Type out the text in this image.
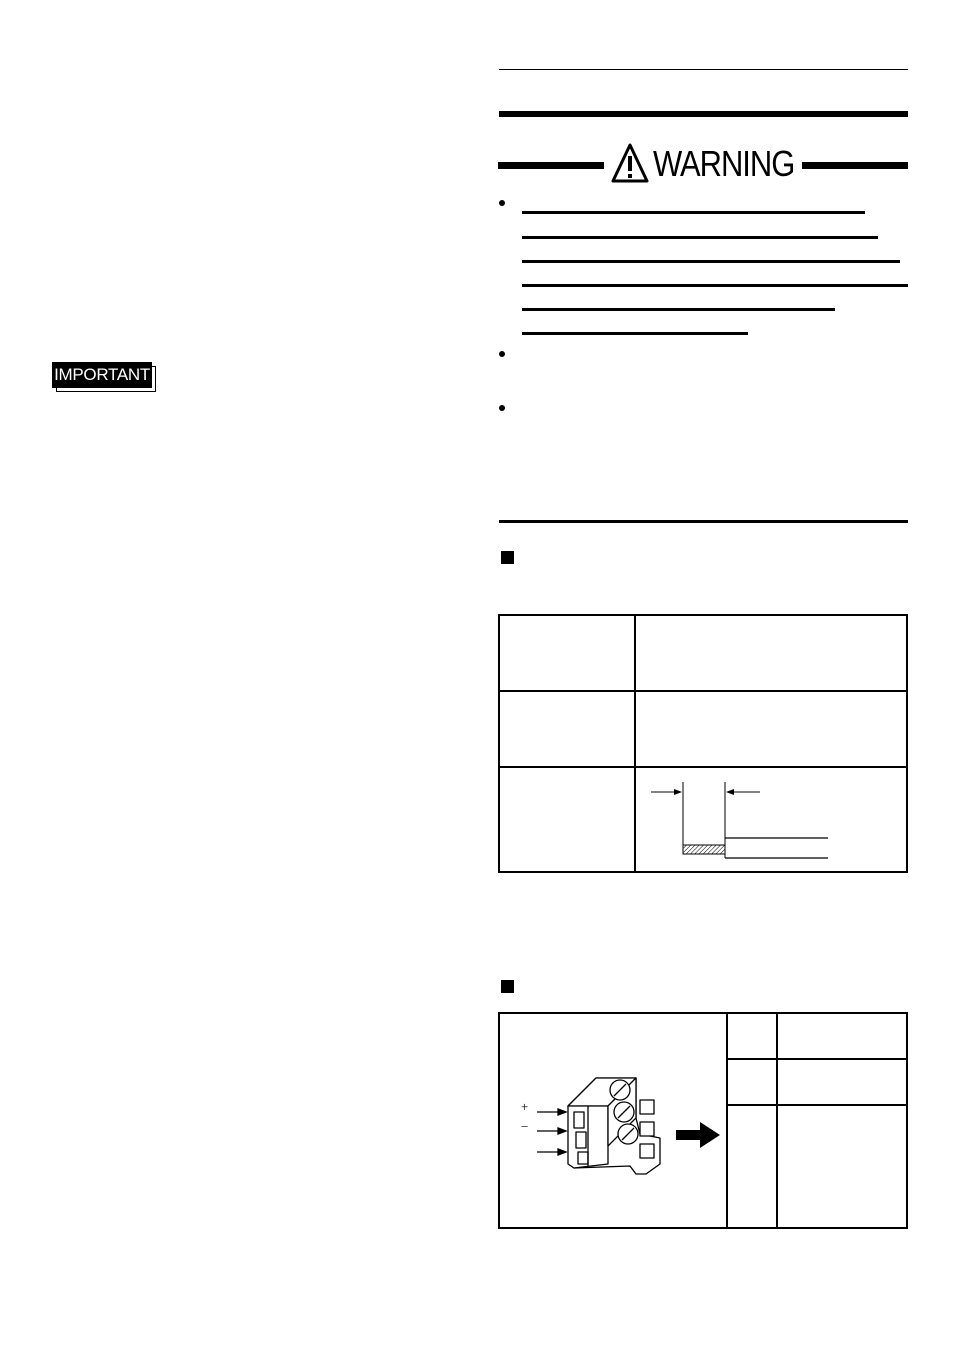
IMPORTANT
WARNING

+
−		
